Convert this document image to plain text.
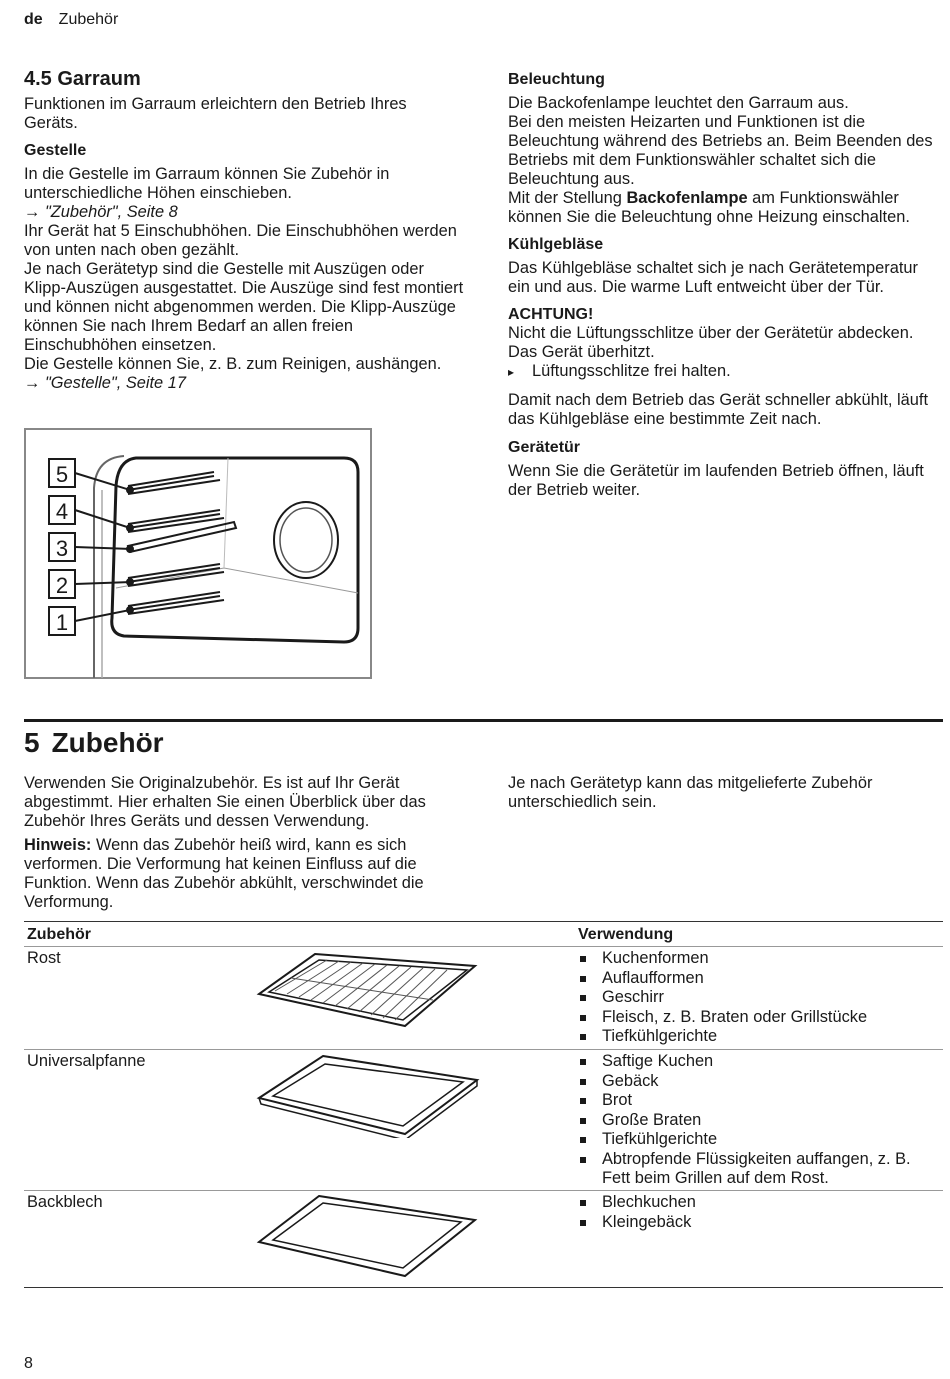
de Zubehör
4.5 Garraum

Funktionen im Garraum erleichtern den Betrieb Ihres Geräts.

Gestelle

In die Gestelle im Garraum können Sie Zubehör in unterschiedliche Höhen einschieben.

→ "Zubehör", Seite 8

Ihr Gerät hat 5 Einschubhöhen. Die Einschubhöhen werden von unten nach oben gezählt.

Je nach Gerätetyp sind die Gestelle mit Auszügen oder Klipp-Auszügen ausgestattet. Die Auszüge sind fest montiert und können nicht abgenommen werden. Die Klipp-Auszüge können Sie nach Ihrem Bedarf an allen freien Einschubhöhen einsetzen.

Die Gestelle können Sie, z. B. zum Reinigen, aushängen.

→ "Gestelle", Seite 17

5
4
3
2
1
Beleuchtung

Die Backofenlampe leuchtet den Garraum aus.

Bei den meisten Heizarten und Funktionen ist die Beleuchtung während des Betriebs an. Beim Beenden des Betriebs mit dem Funktionswähler schaltet sich die Beleuchtung aus.

Mit der Stellung Backofenlampe am Funktionswähler können Sie die Beleuchtung ohne Heizung einschalten.

Kühlgebläse

Das Kühlgebläse schaltet sich je nach Gerätetemperatur ein und aus. Die warme Luft entweicht über der Tür.

ACHTUNG!

Nicht die Lüftungsschlitze über der Gerätetür abdecken. Das Gerät überhitzt.

▸ Lüftungsschlitze frei halten.

Damit nach dem Betrieb das Gerät schneller abkühlt, läuft das Kühlgebläse eine bestimmte Zeit nach.

Gerätetür

Wenn Sie die Gerätetür im laufenden Betrieb öffnen, läuft der Betrieb weiter.

5 Zubehör

Verwenden Sie Originalzubehör. Es ist auf Ihr Gerät abgestimmt. Hier erhalten Sie einen Überblick über das Zubehör Ihres Geräts und dessen Verwendung.

Hinweis: Wenn das Zubehör heiß wird, kann es sich verformen. Die Verformung hat keinen Einfluss auf die Funktion. Wenn das Zubehör abkühlt, verschwindet die Verformung.

Je nach Gerätetyp kann das mitgelieferte Zubehör unterschiedlich sein.

Zubehör	Verwendung
Rost	Kuchenformen
Auflaufformen
Geschirr
Fleisch, z. B. Braten oder Grillstücke
Tiefkühlgerichte
Universalpfanne	Saftige Kuchen
Gebäck
Brot
Große Braten
Tiefkühlgerichte
Abtropfende Flüssigkeiten auffangen, z. B. Fett beim Grillen auf dem Rost.
Backblech	Blechkuchen
Kleingebäck
8
